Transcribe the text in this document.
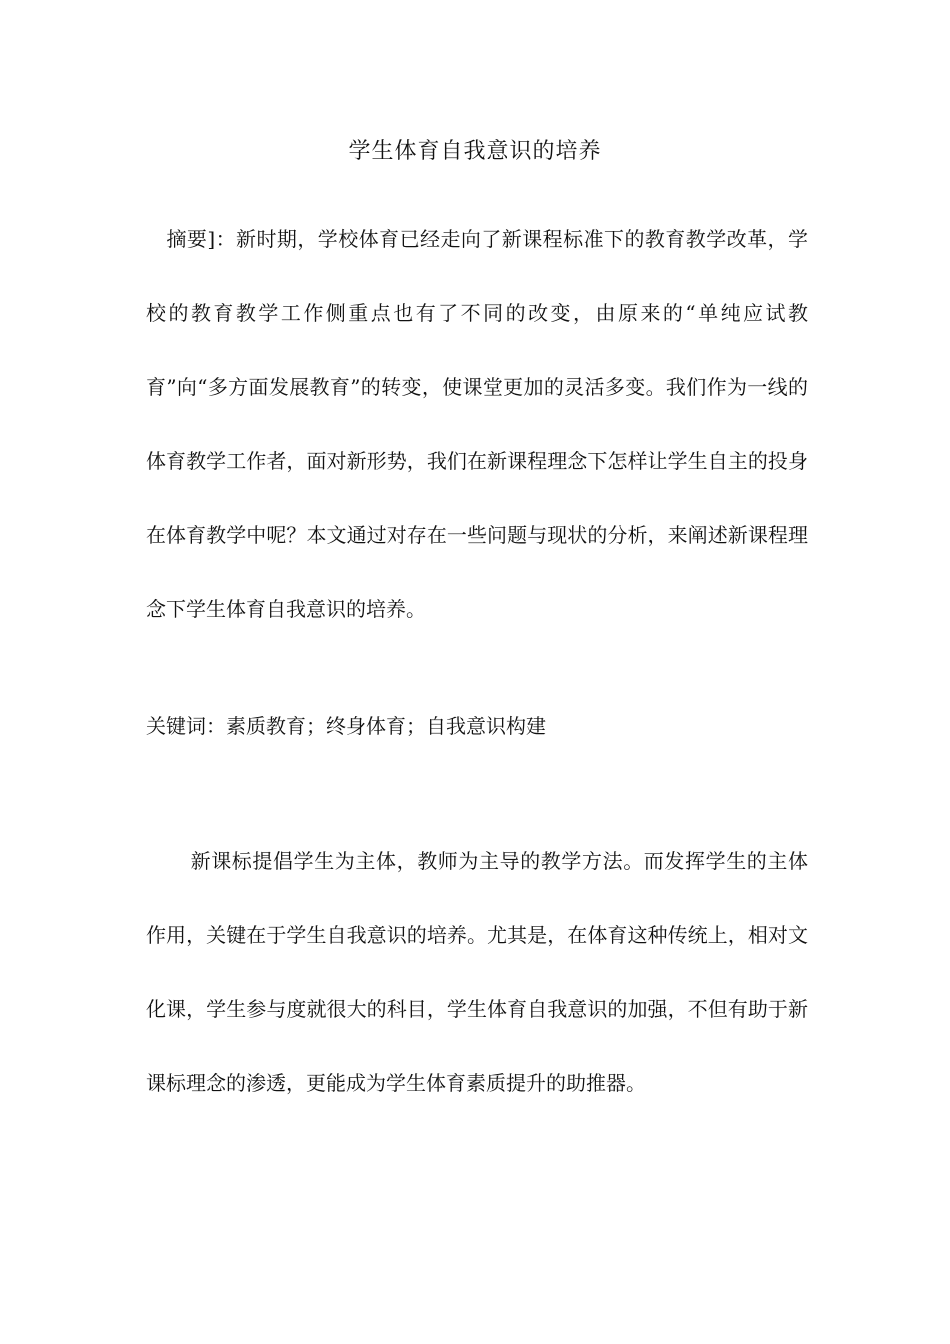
学生体育自我意识的培养

摘要]：新时期，学校体育已经走向了新课程标准下的教育教学改革，学校的教育教学工作侧重点也有了不同的改变，由原来的“单纯应试教育”向“多方面发展教育”的转变，使课堂更加的灵活多变。我们作为一线的体育教学工作者，面对新形势，我们在新课程理念下怎样让学生自主的投身在体育教学中呢？本文通过对存在一些问题与现状的分析，来阐述新课程理念下学生体育自我意识的培养。

关键词：素质教育；终身体育；自我意识构建

新课标提倡学生为主体，教师为主导的教学方法。而发挥学生的主体作用，关键在于学生自我意识的培养。尤其是，在体育这种传统上，相对文化课，学生参与度就很大的科目，学生体育自我意识的加强，不但有助于新课标理念的渗透，更能成为学生体育素质提升的助推器。
